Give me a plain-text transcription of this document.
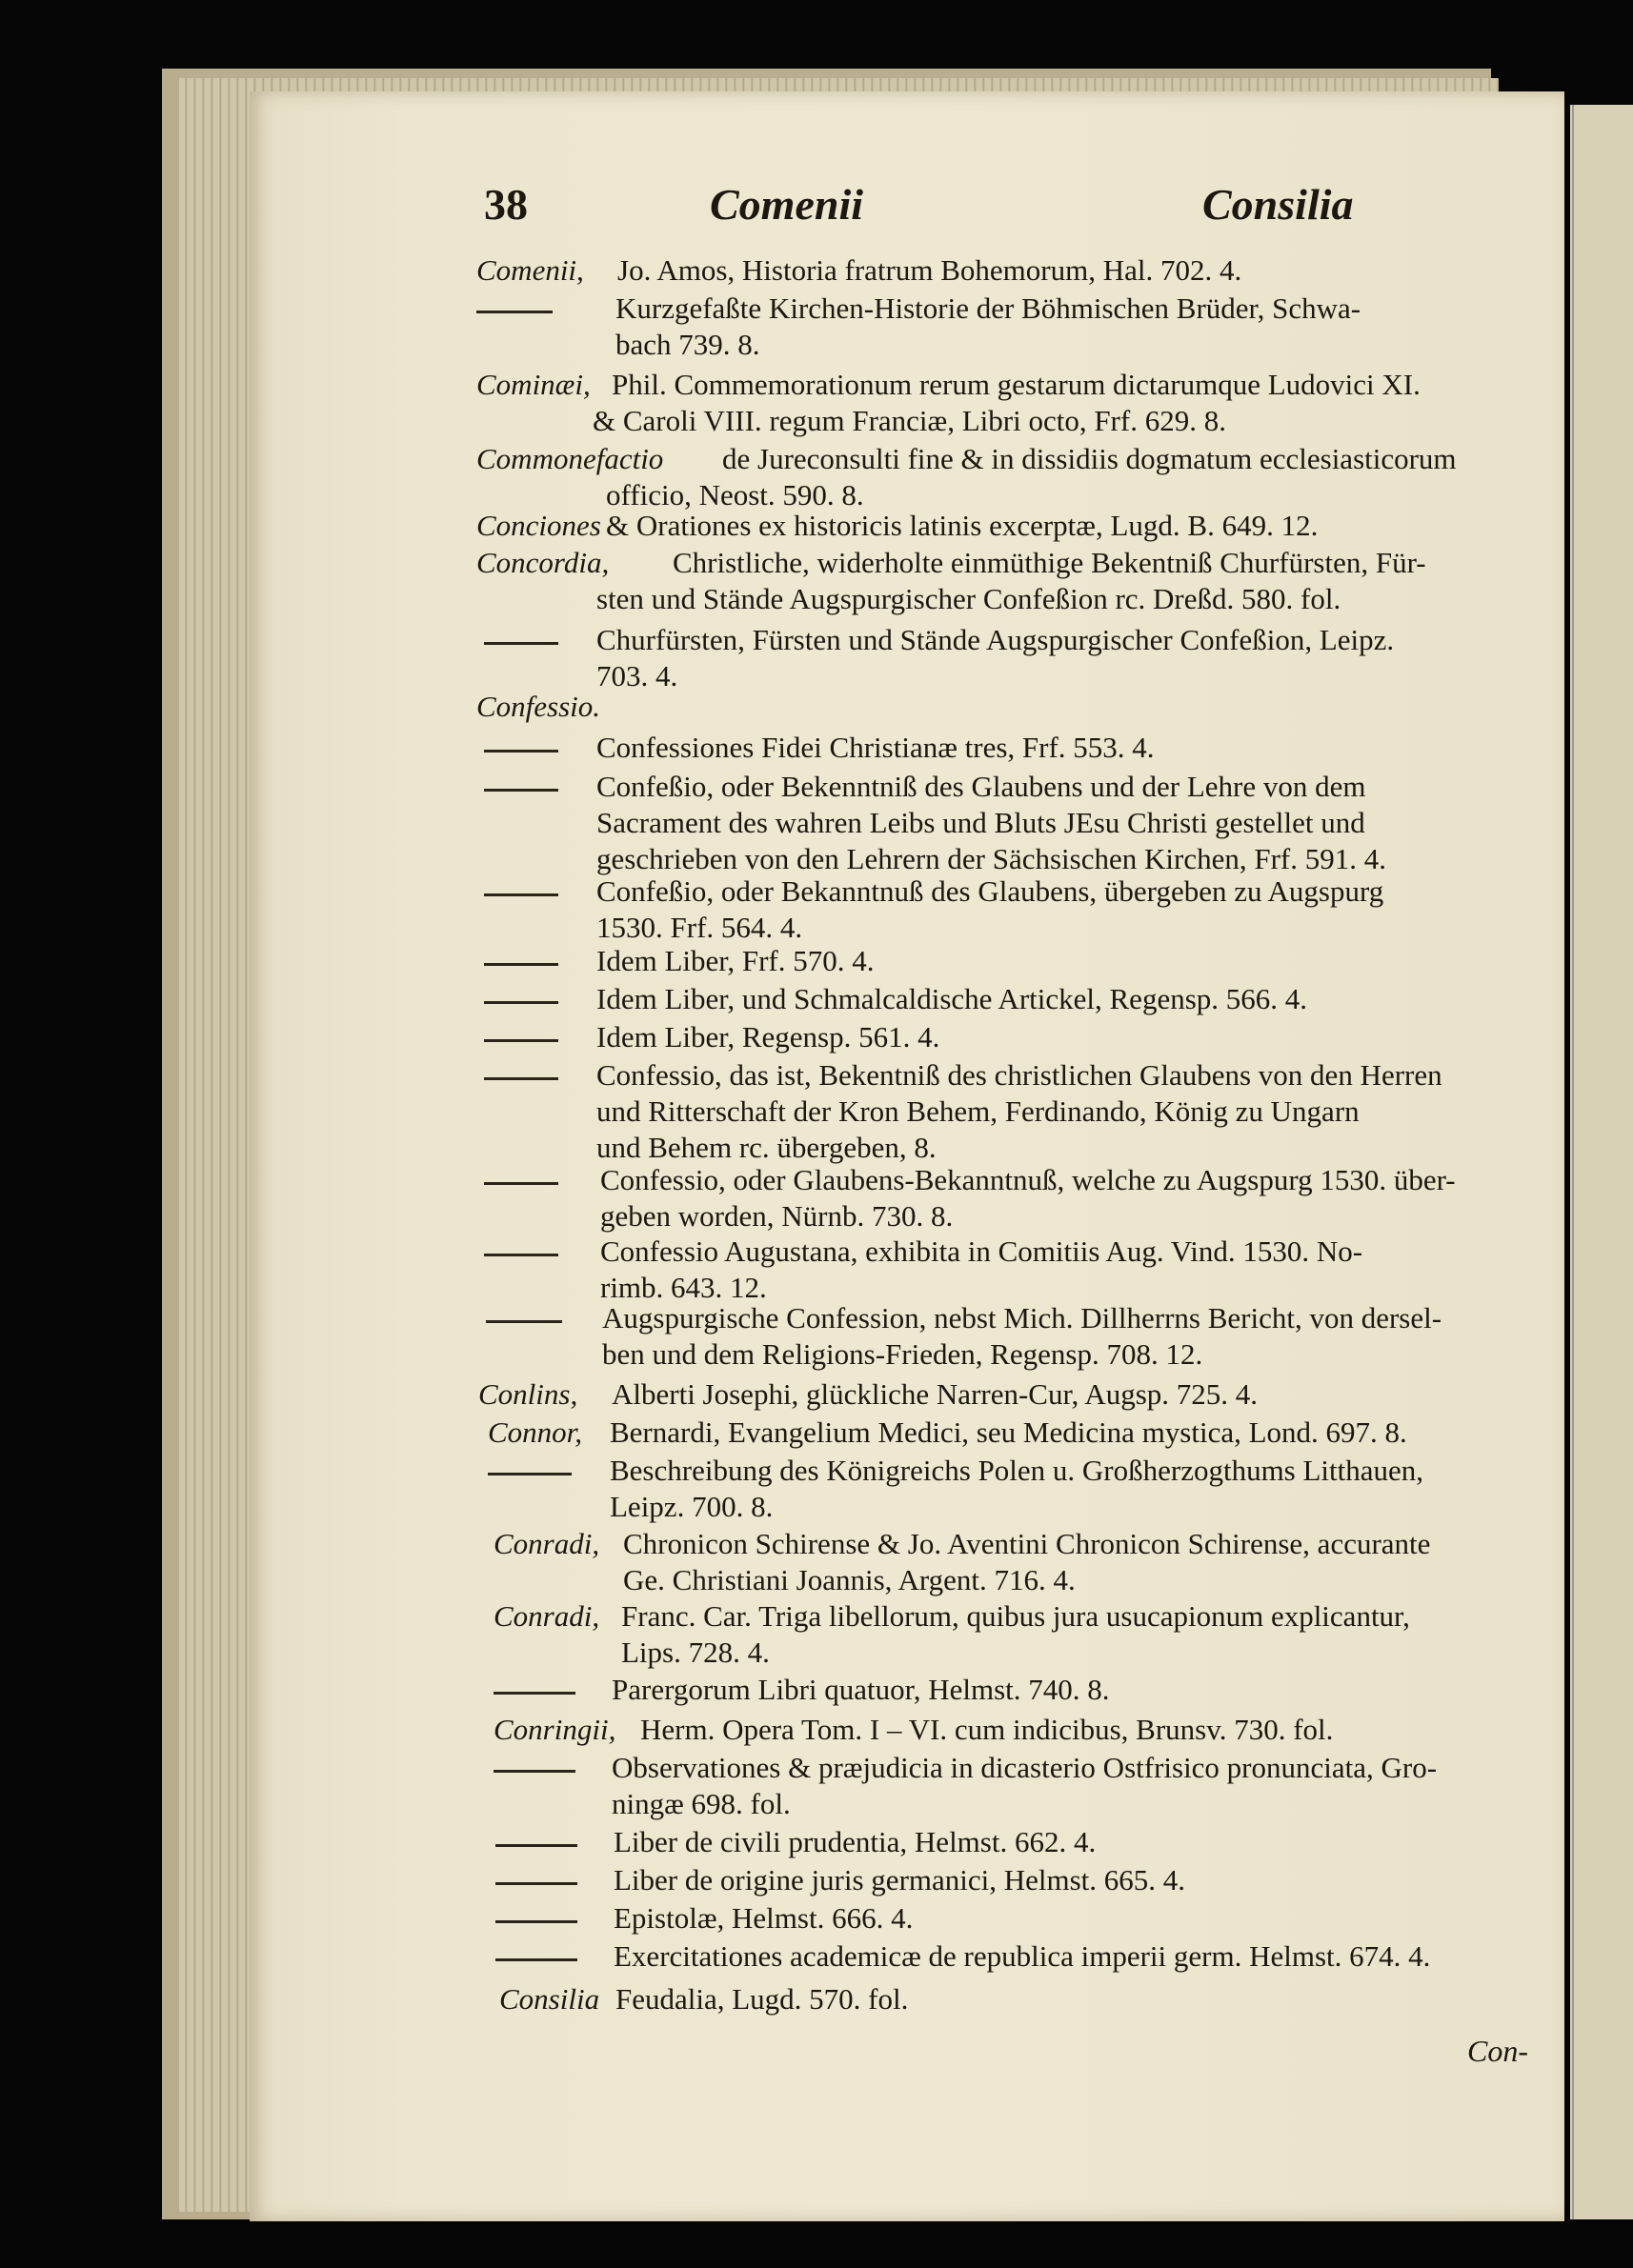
38	Comenii	Consilia
Comenii, Jo. Amos, Historia fratrum Bohemorum, Hal. 702. 4.
Kurzgefaßte Kirchen-Historie der Böhmischen Brüder, Schwa-
bach 739. 8.
Cominæi, Phil. Commemorationum rerum gestarum dictarumque Ludovici XI.
& Caroli VIII. regum Franciæ, Libri octo, Frf. 629. 8.
Commonefactio de Jureconsulti fine & in dissidiis dogmatum ecclesiasticorum
officio, Neost. 590. 8.
Conciones & Orationes ex historicis latinis excerptæ, Lugd. B. 649. 12.
Concordia, Christliche, widerholte einmüthige Bekentniß Churfürsten, Für-
sten und Stände Augspurgischer Confeßion rc. Dreßd. 580. fol.
Churfürsten, Fürsten und Stände Augspurgischer Confeßion, Leipz.
703. 4.
Confessio.
Confessiones Fidei Christianæ tres, Frf. 553. 4.
Confeßio, oder Bekenntniß des Glaubens und der Lehre von dem
Sacrament des wahren Leibs und Bluts JEsu Christi gestellet und
geschrieben von den Lehrern der Sächsischen Kirchen, Frf. 591. 4.
Confeßio, oder Bekanntnuß des Glaubens, übergeben zu Augspurg
1530. Frf. 564. 4.
Idem Liber, Frf. 570. 4.
Idem Liber, und Schmalcaldische Artickel, Regensp. 566. 4.
Idem Liber, Regensp. 561. 4.
Confessio, das ist, Bekentniß des christlichen Glaubens von den Herren
und Ritterschaft der Kron Behem, Ferdinando, König zu Ungarn
und Behem rc. übergeben, 8.
Confessio, oder Glaubens-Bekanntnuß, welche zu Augspurg 1530. über-
geben worden, Nürnb. 730. 8.
Confessio Augustana, exhibita in Comitiis Aug. Vind. 1530. No-
rimb. 643. 12.
Augspurgische Confession, nebst Mich. Dillherrns Bericht, von dersel-
ben und dem Religions-Frieden, Regensp. 708. 12.
Conlins, Alberti Josephi, glückliche Narren-Cur, Augsp. 725. 4.
Connor, Bernardi, Evangelium Medici, seu Medicina mystica, Lond. 697. 8.
Beschreibung des Königreichs Polen u. Großherzogthums Litthauen,
Leipz. 700. 8.
Conradi, Chronicon Schirense & Jo. Aventini Chronicon Schirense, accurante
Ge. Christiani Joannis, Argent. 716. 4.
Conradi, Franc. Car. Triga libellorum, quibus jura usucapionum explicantur,
Lips. 728. 4.
Parergorum Libri quatuor, Helmst. 740. 8.
Conringii, Herm. Opera Tom. I – VI. cum indicibus, Brunsv. 730. fol.
Observationes & præjudicia in dicasterio Ostfrisico pronunciata, Gro-
ningæ 698. fol.
Liber de civili prudentia, Helmst. 662. 4.
Liber de origine juris germanici, Helmst. 665. 4.
Epistolæ, Helmst. 666. 4.
Exercitationes academicæ de republica imperii germ. Helmst. 674. 4.
Consilia Feudalia, Lugd. 570. fol.
Con-
